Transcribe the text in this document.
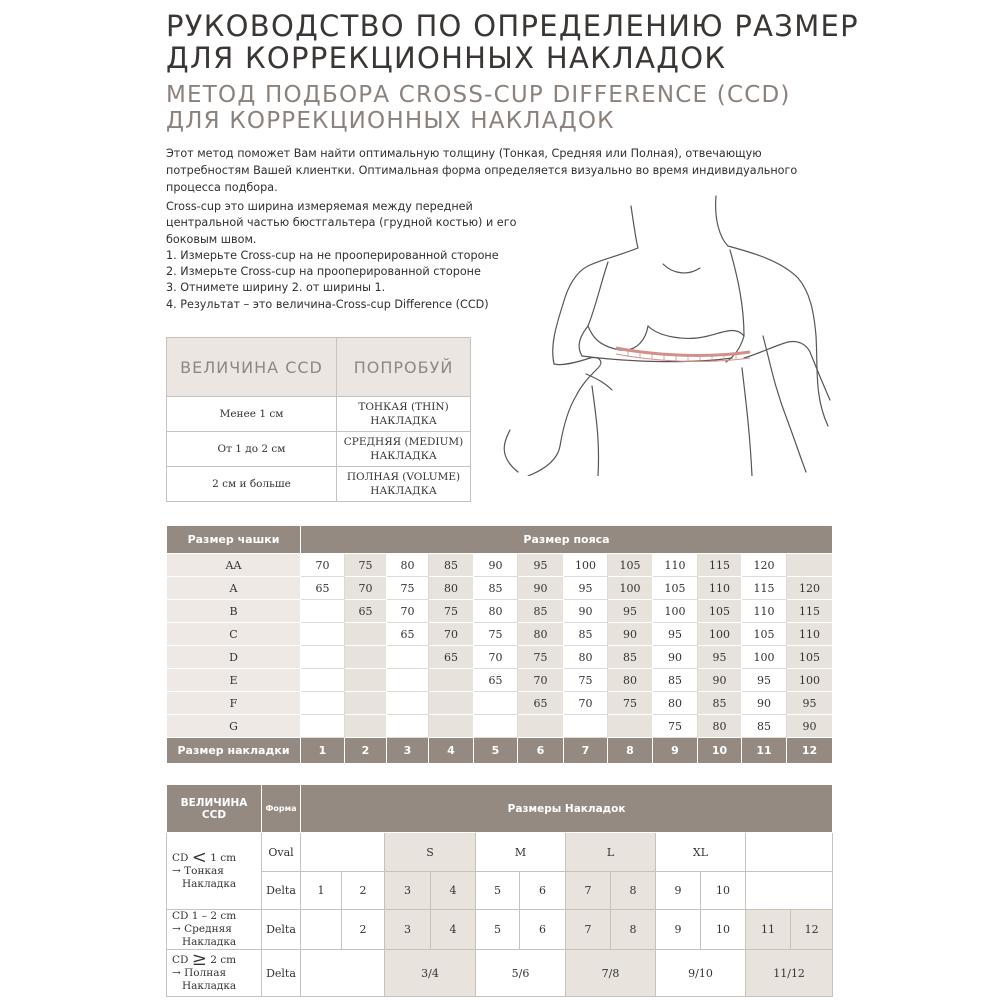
РУКОВОДСТВО ПО ОПРЕДЕЛЕНИЮ РАЗМЕР
ДЛЯ КОРРЕКЦИОННЫХ НАКЛАДОК
МЕТОД ПОДБОРА CROSS-CUP DIFFERENCE (CCD)
ДЛЯ КОРРЕКЦИОННЫХ НАКЛАДОК
Этот метод поможет Вам найти оптимальную толщину (Тонкая, Средняя или Полная), отвечающую потребностям Вашей клиентки. Оптимальная форма определяется визуально во время индивидуального процесса подбора.
Cross-cup это ширина измеряемая между передней
центральной частью бюстгальтера (грудной костью) и его
боковым швом.
1. Измерьте Cross-cup на не прооперированной стороне
2. Измерьте Cross-cup на прооперированной стороне
3. Отнимете ширину 2. от ширины 1.
4. Результат – это величина-Cross-cup Difference (CCD)
ВЕЛИЧИНА CCD	ПОПРОБУЙ
Менее 1 см	ТОНКАЯ (THIN)
НАКЛАДКА

От 1 до 2 см	СРЕДНЯЯ (MEDIUM)
НАКЛАДКА

2 см и больше	ПОЛНАЯ (VOLUME)
НАКЛАДКА
Размер чашки	Размер пояса											
AA	70	75	80	85	90	95	100	105	110	115	120	
A	65	70	75	80	85	90	95	100	105	110	115	120
B		65	70	75	80	85	90	95	100	105	110	115
C			65	70	75	80	85	90	95	100	105	110
D				65	70	75	80	85	90	95	100	105
E					65	70	75	80	85	90	95	100
F						65	70	75	80	85	90	95
G									75	80	85	90
Размер накладки	1	2	3	4	5	6	7	8	9	10	11	12
ВЕЛИЧИНА
CCD	Форма	Размеры Накладок											

CD < 1 cm
→ Тонкая
Накладка	Oval			S		M		L		XL			
	Delta	1	2	3	4	5	6	7	8	9	10		

CD 1 – 2 cm
→ Средняя
Накладка	Delta		2	3	4	5	6	7	8	9	10	11	12

CD ≥ 2 cm
→ Полная
Накладка	Delta			3/4		5/6		7/8		9/10		11/12	
